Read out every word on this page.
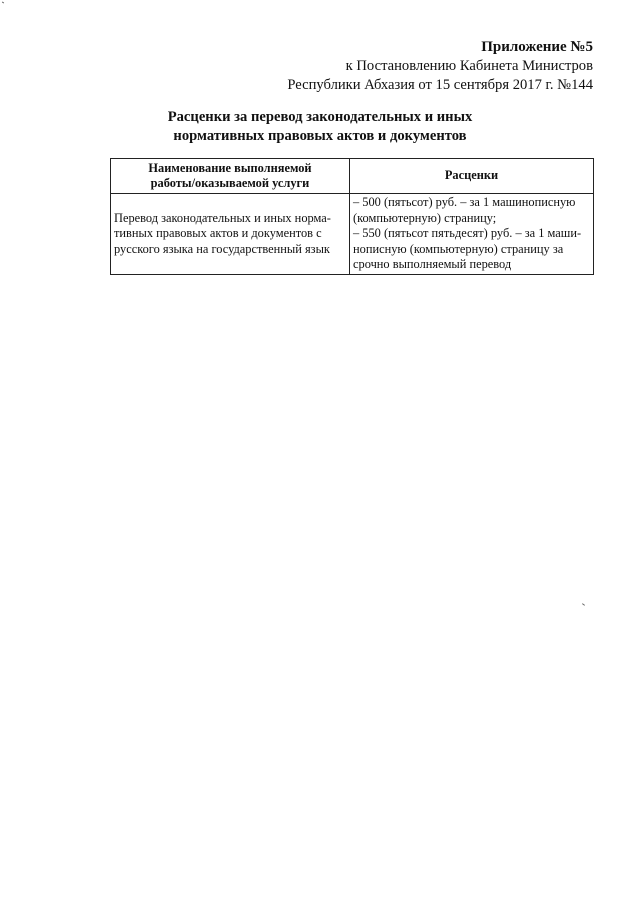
Приложение №5
к Постановлению Кабинета Министров
Республики Абхазия от 15 сентября 2017 г. №144
Расценки за перевод законодательных и иных
нормативных правовых актов и документов
Наименование выполняемой
работы/оказываемой услуги	Расценки

Перевод законодательных и иных норма-
тивных правовых актов и документов с
русского языка на государственный язык	– 500 (пятьсот) руб. – за 1 машинописную
(компьютерную) страницу;
– 550 (пятьсот пятьдесят) руб. – за 1 маши-
нописную (компьютерную) страницу за
срочно выполняемый перевод
